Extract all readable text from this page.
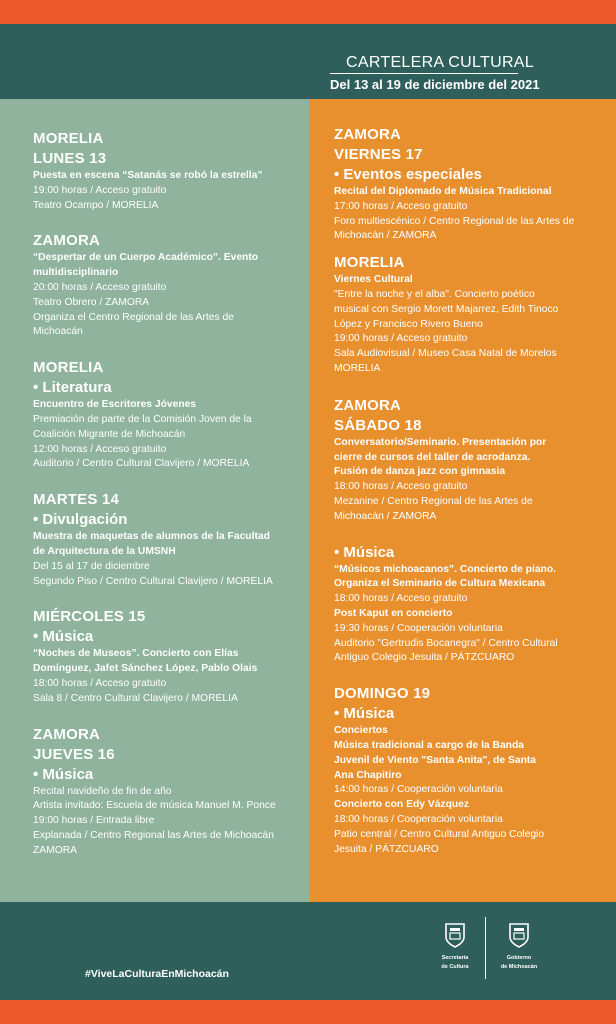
CARTELERA CULTURAL
Del 13 al 19 de diciembre del 2021
MORELIA
LUNES 13
Puesta en escena “Satanás se robó la estrella”
19:00 horas / Acceso gratuito
Teatro Ocampo / MORELIA
ZAMORA
“Despertar de un Cuerpo Académico”. Evento
multidisciplinario
20:00 horas / Acceso gratuito
Teatro Obrero / ZAMORA
Organiza el Centro Regional de las Artes de
Michoacán
MORELIA
• Literatura
Encuentro de Escritores Jóvenes
Premiación de parte de la Comisión Joven de la
Coalición Migrante de Michoacán
12:00 horas / Acceso gratuito
Auditorio / Centro Cultural Clavijero / MORELIA
MARTES 14
• Divulgación
Muestra de maquetas de alumnos de la Facultad
de Arquitectura de la UMSNH
Del 15 al 17 de diciembre
Segundo Piso / Centro Cultural Clavijero / MORELIA
MIÉRCOLES 15
• Música
“Noches de Museos”. Concierto con Elías
Domínguez, Jafet Sánchez López, Pablo Olais
18:00 horas / Acceso gratuito
Sala 8 / Centro Cultural Clavijero / MORELIA
ZAMORA
JUEVES 16
• Música
Recital navideño de fin de año
Artista invitado: Escuela de música Manuel M. Ponce
19:00 horas / Entrada libre
Explanada / Centro Regional las Artes de Michoacán
ZAMORA
ZAMORA
VIERNES 17
• Eventos especiales
Recital del Diplomado de Música Tradicional
17:00 horas / Acceso gratuito
Foro multiescénico / Centro Regional de las Artes de
Michoacán / ZAMORA
MORELIA
Viernes Cultural
"Entre la noche y el alba". Concierto poético
musical con Sergio Morett Majarrez, Edith Tinoco
López y Francisco Rivero Bueno
19:00 horas / Acceso gratuito
Sala Audiovisual / Museo Casa Natal de Morelos
MORELIA
ZAMORA
SÁBADO 18
Conversatorio/Seminario. Presentación por
cierre de cursos del taller de acrodanza.
Fusión de danza jazz con gimnasia
18:00 horas / Acceso gratuito
Mezanine / Centro Regional de las Artes de
Michoacán / ZAMORA
• Música
“Músicos michoacanos”. Concierto de piano.
Organiza el Seminario de Cultura Mexicana
18:00 horas / Acceso gratuito
Post Kaput en concierto
19:30 horas / Cooperación voluntaria
Auditorio "Gertrudis Bocanegra" / Centro Cultural
Antiguo Colegio Jesuita / PÁTZCUARO
DOMINGO 19
• Música
Conciertos
Música tradicional a cargo de la Banda
Juvenil de Viento "Santa Anita", de Santa
Ana Chapitiro
14:00 horas / Cooperación voluntaria
Concierto con Edy Vázquez
18:00 horas / Cooperación voluntaria
Patio central / Centro Cultural Antiguo Colegio
Jesuita / PÁTZCUARO
#ViveLaCulturaEnMichoacán
Secretaría
de Cultura
Gobierno
de Michoacán
